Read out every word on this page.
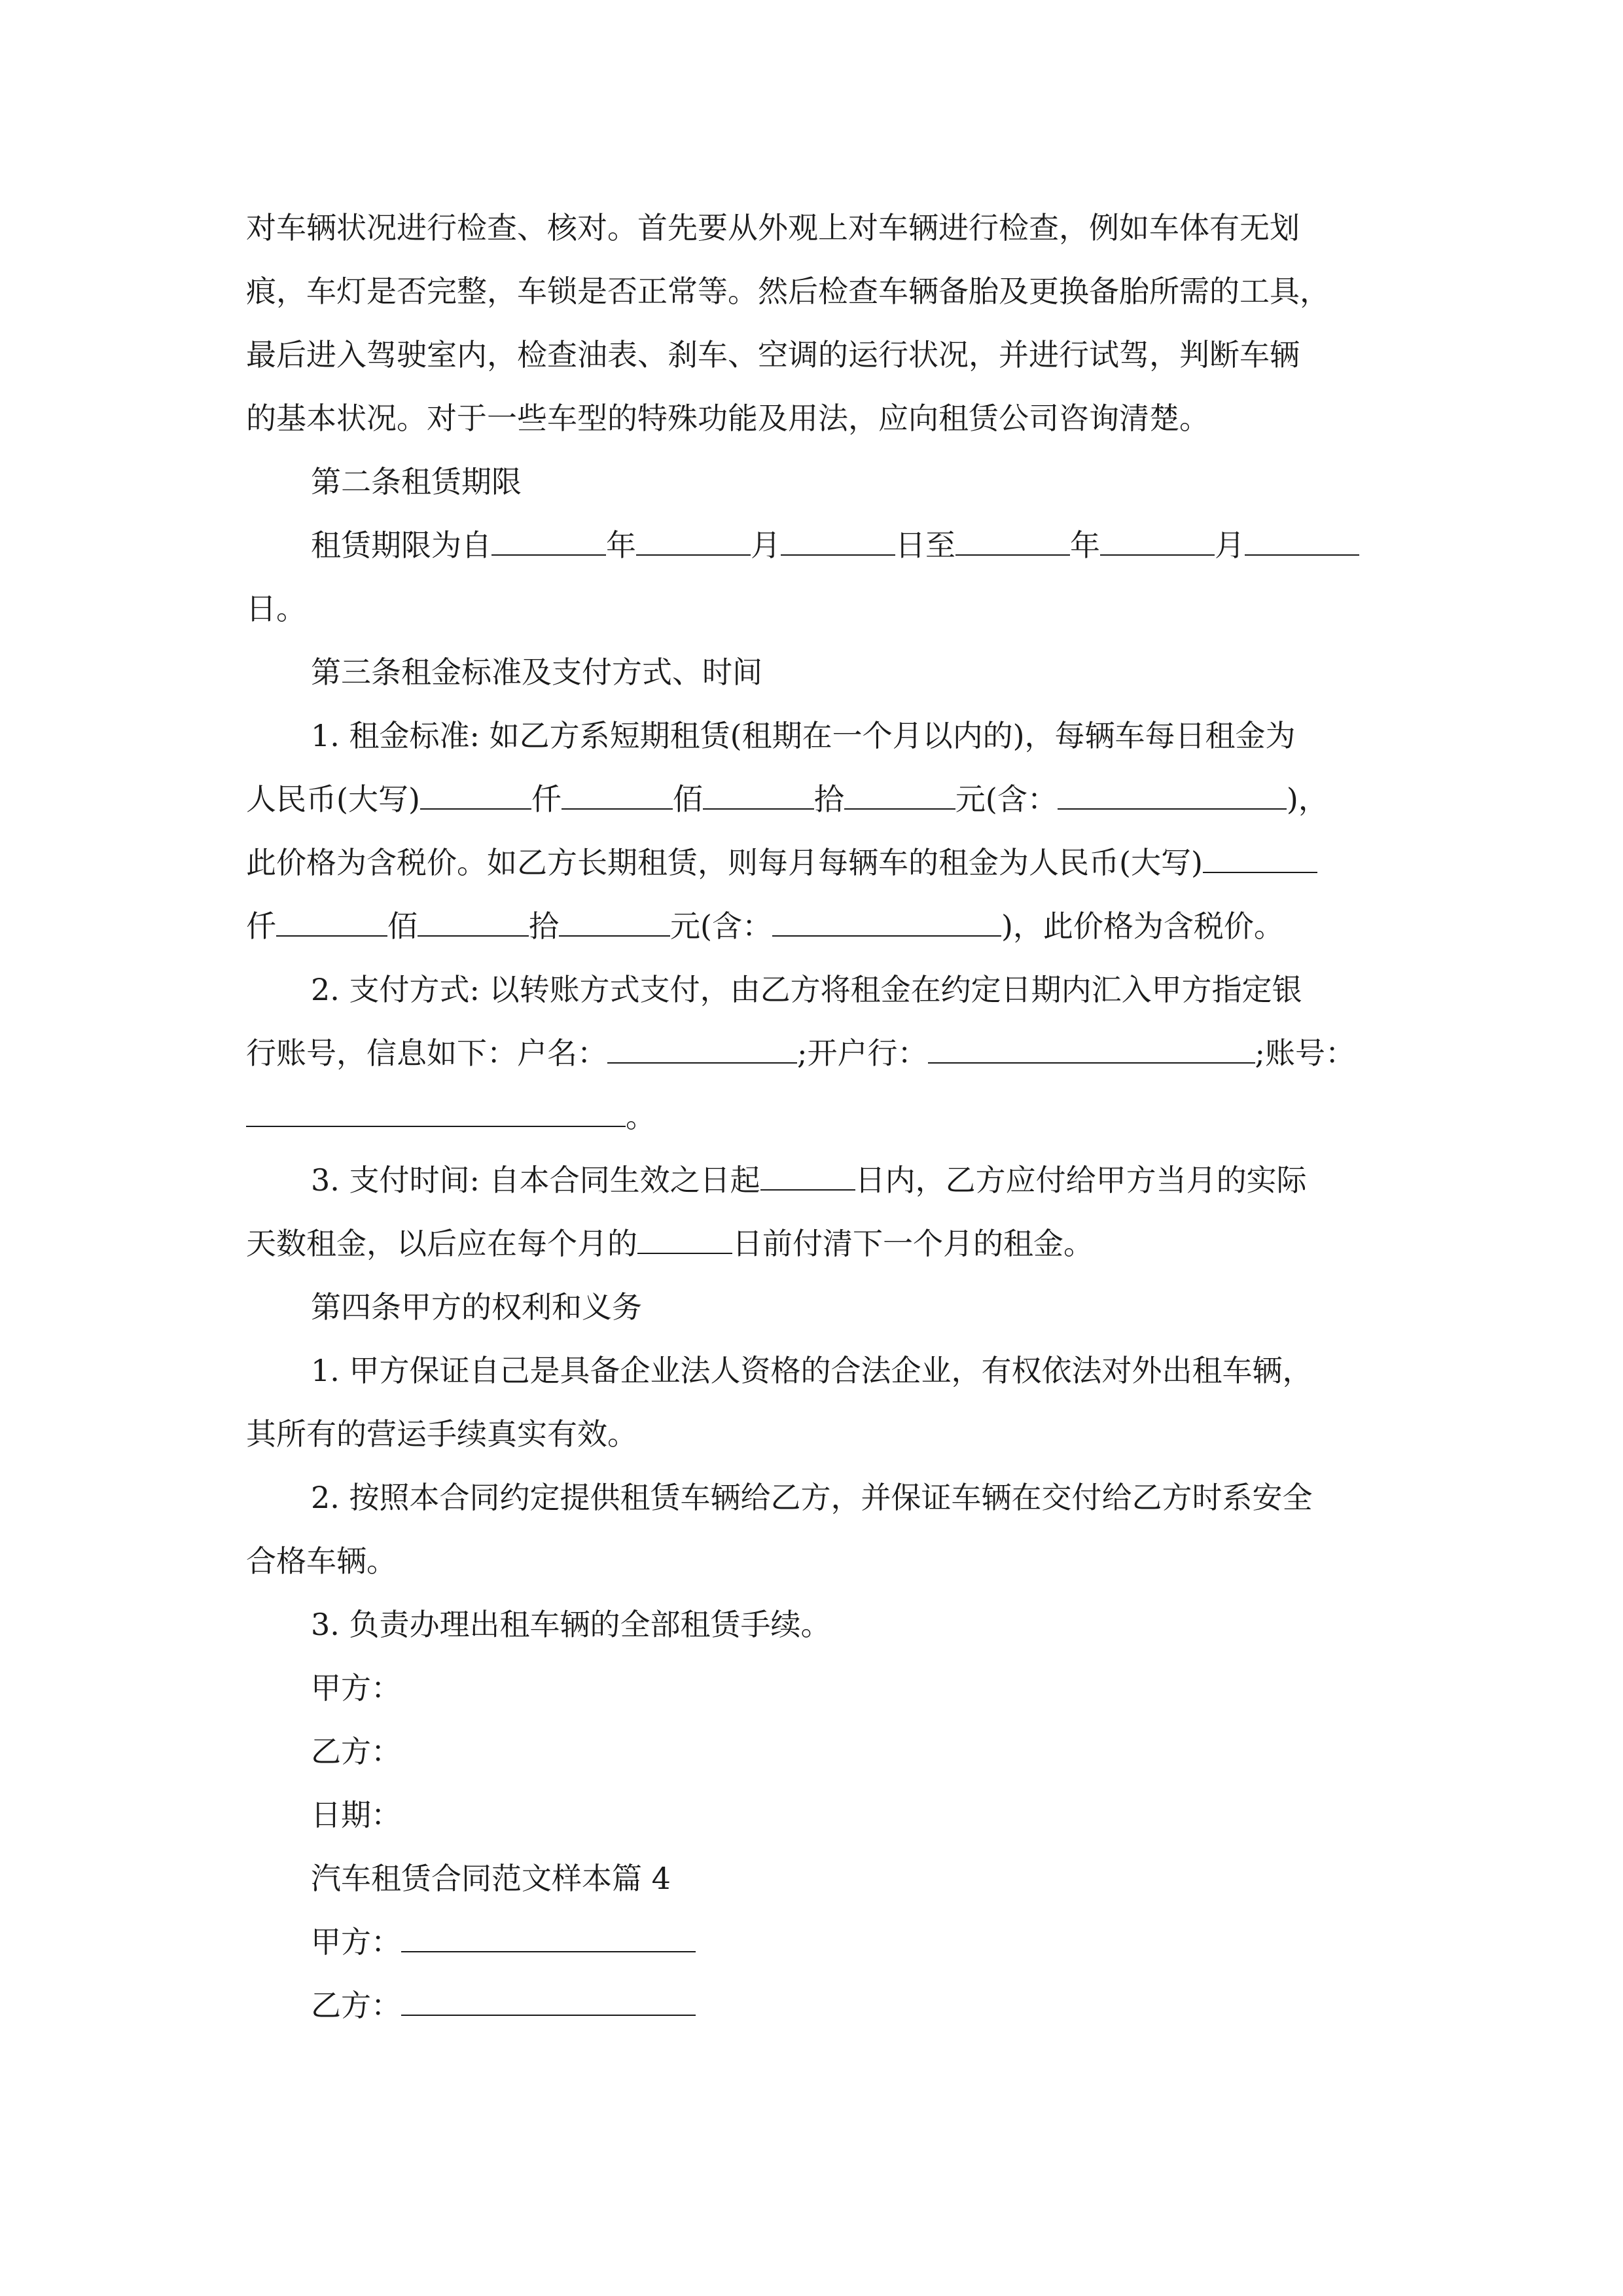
对车辆状况进行检查、核对。首先要从外观上对车辆进行检查，例如车体有无划
痕，车灯是否完整，车锁是否正常等。然后检查车辆备胎及更换备胎所需的工具，
最后进入驾驶室内，检查油表、刹车、空调的运行状况，并进行试驾，判断车辆
的基本状况。对于一些车型的特殊功能及用法，应向租赁公司咨询清楚。
第二条租赁期限
租赁期限为自	年	月	日至	年	月
日。
第三条租金标准及支付方式、时间
1. 租金标准: 如乙方系短期租赁(租期在一个月以内的)，每辆车每日租金为
人民币(大写)	仟	佰	拾	元(含：	)，
此价格为含税价。如乙方长期租赁，则每月每辆车的租金为人民币(大写)
仟	佰	拾	元(含：	)，此价格为含税价。
2. 支付方式: 以转账方式支付，由乙方将租金在约定日期内汇入甲方指定银
行账号，信息如下：户名：	;开户行：	;账号：
。
3. 支付时间: 自本合同生效之日起	日内，乙方应付给甲方当月的实际
天数租金，以后应在每个月的	日前付清下一个月的租金。
第四条甲方的权利和义务
1. 甲方保证自己是具备企业法人资格的合法企业，有权依法对外出租车辆，
其所有的营运手续真实有效。
2. 按照本合同约定提供租赁车辆给乙方，并保证车辆在交付给乙方时系安全
合格车辆。
3. 负责办理出租车辆的全部租赁手续。
甲方：
乙方：
日期：
汽车租赁合同范文样本篇 4
甲方：
乙方：
